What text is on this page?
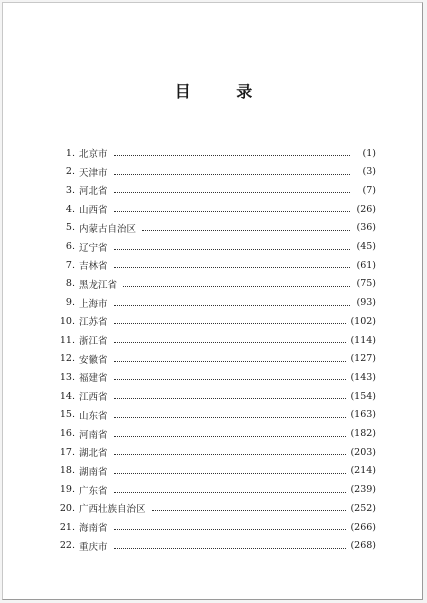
目 录
1. 北京市	(1)
2. 天津市	(3)
3. 河北省	(7)
4. 山西省	(26)
5. 内蒙古自治区	(36)
6. 辽宁省	(45)
7. 吉林省	(61)
8. 黑龙江省	(75)
9. 上海市	(93)
10. 江苏省	(102)
11. 浙江省	(114)
12. 安徽省	(127)
13. 福建省	(143)
14. 江西省	(154)
15. 山东省	(163)
16. 河南省	(182)
17. 湖北省	(203)
18. 湖南省	(214)
19. 广东省	(239)
20. 广西壮族自治区	(252)
21. 海南省	(266)
22. 重庆市	(268)
